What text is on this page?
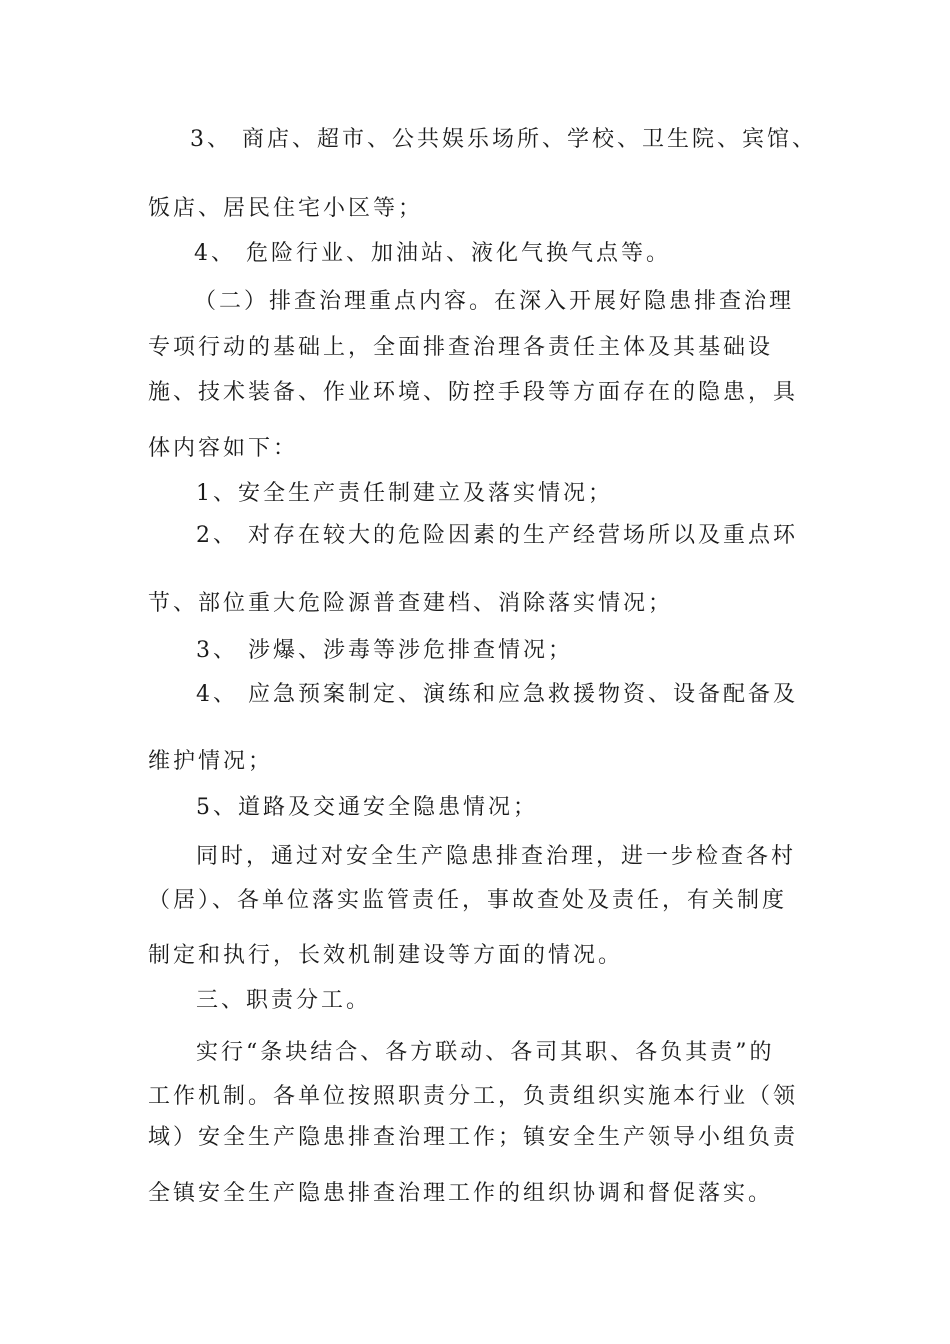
3、 商店、超市、公共娱乐场所、学校、卫生院、宾馆、

饭店、居民住宅小区等；

4、 危险行业、加油站、液化气换气点等。

（二）排查治理重点内容。在深入开展好隐患排查治理

专项行动的基础上，全面排查治理各责任主体及其基础设

施、技术装备、作业环境、防控手段等方面存在的隐患，具

体内容如下：

1、安全生产责任制建立及落实情况；

2、 对存在较大的危险因素的生产经营场所以及重点环

节、部位重大危险源普查建档、消除落实情况；

3、 涉爆、涉毒等涉危排查情况；

4、 应急预案制定、演练和应急救援物资、设备配备及

维护情况；

5、道路及交通安全隐患情况；

同时，通过对安全生产隐患排查治理，进一步检查各村

（居）、各单位落实监管责任，事故查处及责任，有关制度

制定和执行，长效机制建设等方面的情况。

三、职责分工。

实行“条块结合、各方联动、各司其职、各负其责”的

工作机制。各单位按照职责分工，负责组织实施本行业（领

域）安全生产隐患排查治理工作；镇安全生产领导小组负责

全镇安全生产隐患排查治理工作的组织协调和督促落实。
